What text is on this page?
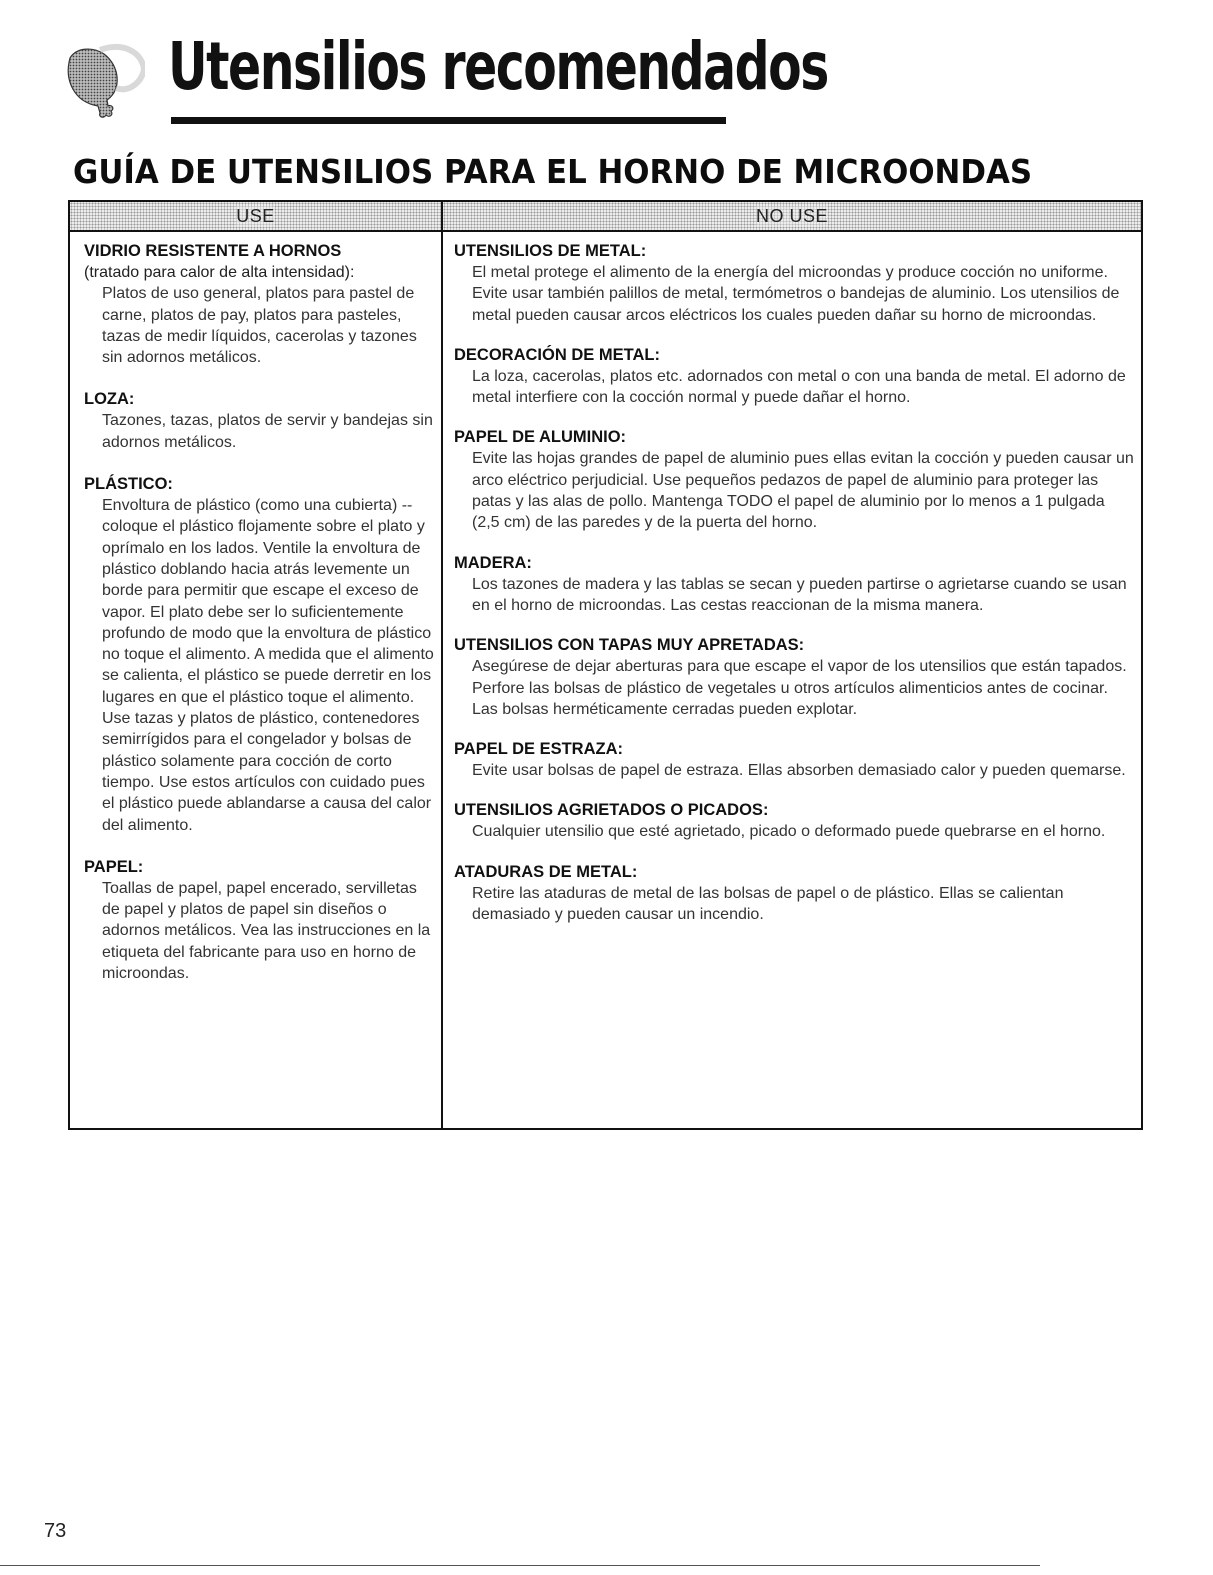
Utensilios recomendados
GUÍA DE UTENSILIOS PARA EL HORNO DE MICROONDAS
USE	NO USE
VIDRIO RESISTENTE A HORNOS
(tratado para calor de alta intensidad):

Platos de uso general, platos para pastel de carne, platos de pay, platos para pasteles, tazas de medir líquidos, cacerolas y tazones sin adornos metálicos.

LOZA:

Tazones, tazas, platos de servir y bandejas sin adornos metálicos.

PLÁSTICO:

Envoltura de plástico (como una cubierta) -- coloque el plástico flojamente sobre el plato y oprímalo en los lados. Ventile la envoltura de plástico doblando hacia atrás levemente un borde para permitir que escape el exceso de vapor. El plato debe ser lo suficientemente profundo de modo que la envoltura de plástico no toque el alimento. A medida que el alimento se calienta, el plástico se puede derretir en los lugares en que el plástico toque el alimento. Use tazas y platos de plástico, contenedores semirrígidos para el congelador y bolsas de plástico solamente para cocción de corto tiempo. Use estos artículos con cuidado pues el plástico puede ablandarse a causa del calor del alimento.

PAPEL:

Toallas de papel, papel encerado, servilletas de papel y platos de papel sin diseños o adornos metálicos. Vea las instrucciones en la etiqueta del fabricante para uso en horno de microondas.

UTENSILIOS DE METAL:

El metal protege el alimento de la energía del microondas y produce cocción no uniforme. Evite usar también palillos de metal, termómetros o bandejas de aluminio. Los utensilios de metal pueden causar arcos eléctricos los cuales pueden dañar su horno de microondas.

DECORACIÓN DE METAL:

La loza, cacerolas, platos etc. adornados con metal o con una banda de metal. El adorno de metal interfiere con la cocción normal y puede dañar el horno.

PAPEL DE ALUMINIO:

Evite las hojas grandes de papel de aluminio pues ellas evitan la cocción y pueden causar un arco eléctrico perjudicial. Use pequeños pedazos de papel de aluminio para proteger las patas y las alas de pollo. Mantenga TODO el papel de aluminio por lo menos a 1 pulgada (2,5 cm) de las paredes y de la puerta del horno.

MADERA:

Los tazones de madera y las tablas se secan y pueden partirse o agrietarse cuando se usan en el horno de microondas. Las cestas reaccionan de la misma manera.

UTENSILIOS CON TAPAS MUY APRETADAS:

Asegúrese de dejar aberturas para que escape el vapor de los utensilios que están tapados. Perfore las bolsas de plástico de vegetales u otros artículos alimenticios antes de cocinar. Las bolsas herméticamente cerradas pueden explotar.

PAPEL DE ESTRAZA:

Evite usar bolsas de papel de estraza. Ellas absorben demasiado calor y pueden quemarse.

UTENSILIOS AGRIETADOS O PICADOS:

Cualquier utensilio que esté agrietado, picado o deformado puede quebrarse en el horno.

ATADURAS DE METAL:

Retire las ataduras de metal de las bolsas de papel o de plástico. Ellas se calientan demasiado y pueden causar un incendio.

73
